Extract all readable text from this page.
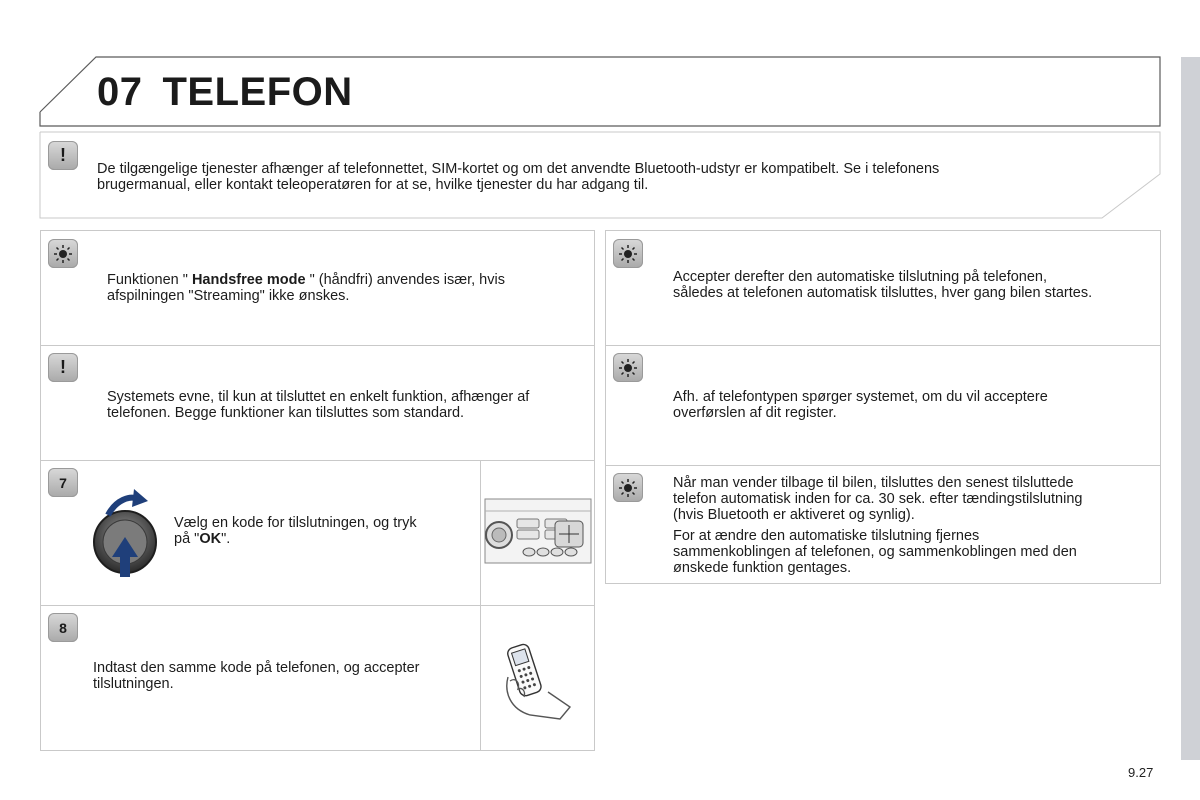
9.27
07 TELEFON
!
De tilgængelige tjenester afhænger af telefonnettet, SIM-kortet og om det anvendte Bluetooth-udstyr er kompatibelt. Se i telefonens
brugermanual, eller kontakt teleoperatøren for at se, hvilke tjenester du har adgang til.
Funktionen " Handsfree mode " (håndfri) anvendes især, hvis
afspilningen "Streaming" ikke ønskes.
!
Systemets evne, til kun at tilsluttet en enkelt funktion, afhænger af
telefonen. Begge funktioner kan tilsluttes som standard.
7
Vælg en kode for tilslutningen, og tryk
på "OK".
8
Indtast den samme kode på telefonen, og accepter
tilslutningen.
Accepter derefter den automatiske tilslutning på telefonen,
således at telefonen automatisk tilsluttes, hver gang bilen startes.
Afh. af telefontypen spørger systemet, om du vil acceptere
overførslen af dit register.
Når man vender tilbage til bilen, tilsluttes den senest tilsluttede
telefon automatisk inden for ca. 30 sek. efter tændingstilslutning
(hvis Bluetooth er aktiveret og synlig).
For at ændre den automatiske tilslutning fjernes
sammenkoblingen af telefonen, og sammenkoblingen med den
ønskede funktion gentages.
